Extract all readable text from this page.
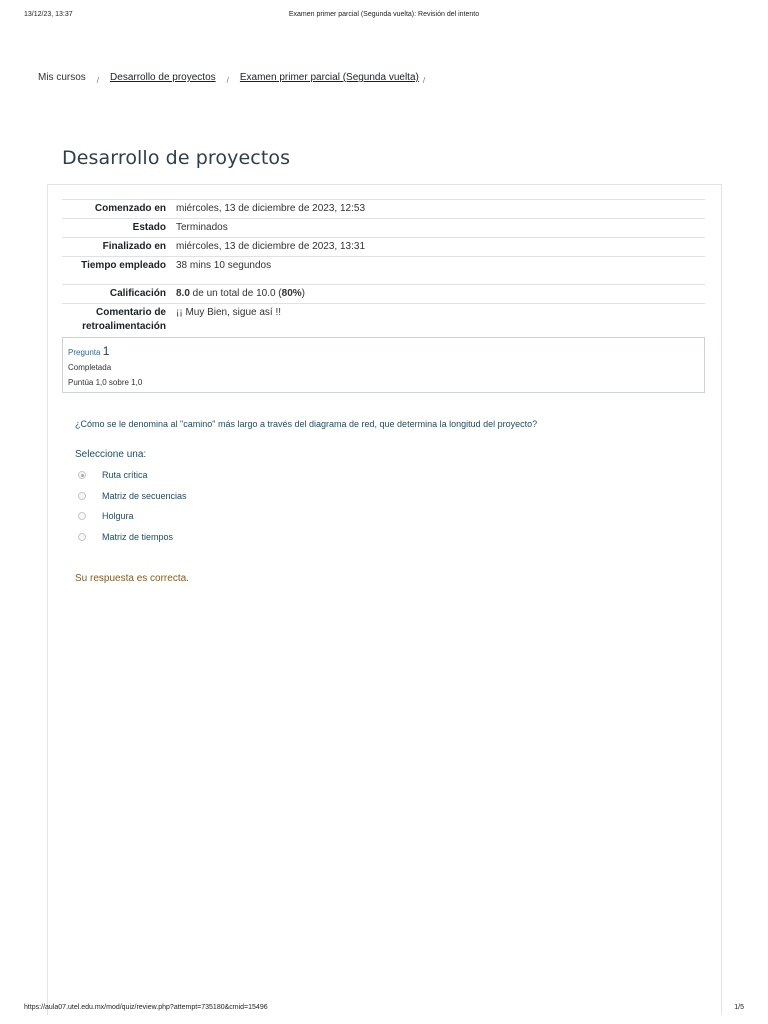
13/12/23, 13:37	Examen primer parcial (Segunda vuelta): Revisión del intento
Mis cursos / Desarrollo de proyectos / Examen primer parcial (Segunda vuelta) /
Desarrollo de proyectos
Comenzado en	miércoles, 13 de diciembre de 2023, 12:53
Estado	Terminados
Finalizado en	miércoles, 13 de diciembre de 2023, 13:31
Tiempo empleado	38 mins 10 segundos
Calificación	8.0 de un total de 10.0 (80%)
Comentario de retroalimentación	¡¡ Muy Bien, sigue así !!
Pregunta 1
Completada
Puntúa 1,0 sobre 1,0
¿Cómo se le denomina al "camino" más largo a través del diagrama de red, que determina la longitud del proyecto?
Seleccione una:
Ruta crítica
Matriz de secuencias
Holgura
Matriz de tiempos
Su respuesta es correcta.
https://aula07.utel.edu.mx/mod/quiz/review.php?attempt=735180&cmid=15496	1/5
